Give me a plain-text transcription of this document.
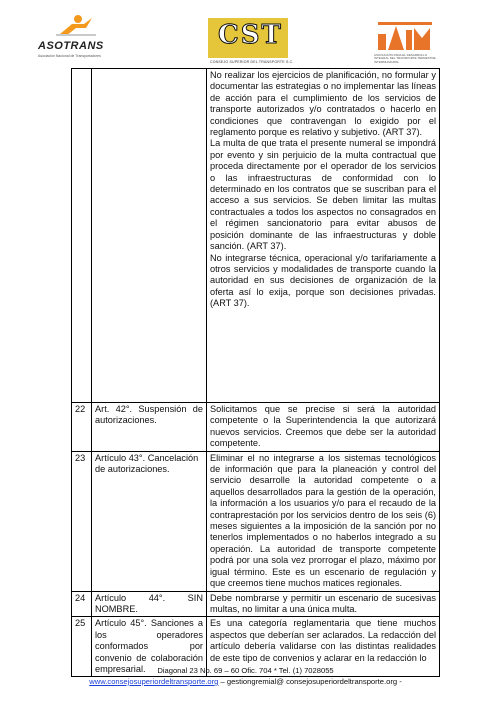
ASOTRANS
Asociación Nacional de Transportadores
CST
CONSEJO SUPERIOR DEL TRANSPORTE S.C.
ASOCIACIÓN PARA EL DESARROLLO INTEGRAL DEL TRANSPORTE TERRESTRE INTERMUNICIPAL

		No realizar los ejercicios de planificación, no formular y documentar las estrategias o no implementar las líneas de acción para el cumplimiento de los servicios de transporte autorizados y/o contratados o hacerlo en condiciones que contravengan lo exigido por el reglamento porque es relativo y subjetivo. (ART 37).

La multa de que trata el presente numeral se impondrá por evento y sin perjuicio de la multa contractual que proceda directamente por el operador de los servicios o las infraestructuras de conformidad con lo determinado en los contratos que se suscriban para el acceso a sus servicios. Se deben limitar las multas contractuales a todos los aspectos no consagrados en el régimen sancionatorio para evitar abusos de posición dominante de las infraestructuras y doble sanción. (ART 37).

No integrarse técnica, operacional y/o tarifariamente a otros servicios y modalidades de transporte cuando la autoridad en sus decisiones de organización de la oferta así lo exija, porque son decisiones privadas. (ART 37).

22	Art. 42°. Suspensión de autorizaciones.	Solicitamos que se precise si será la autoridad competente o la Superintendencia la que autorizará nuevos servicios. Creemos que debe ser la autoridad competente.
23	Artículo 43°. Cancelación de autorizaciones.	Eliminar el no integrarse a los sistemas tecnológicos de información que para la planeación y control del servicio desarrolle la autoridad competente o a aquellos desarrollados para la gestión de la operación, la información a los usuarios y/o para el recaudo de la contraprestación por los servicios dentro de los seis (6) meses siguientes a la imposición de la sanción por no tenerlos implementados o no haberlos integrado a su operación. La autoridad de transporte competente podrá por una sola vez prorrogar el plazo, máximo por igual término. Este es un escenario de regulación y que creemos tiene muchos matices regionales.
24	Artículo 44°. SIN NOMBRE.	Debe nombrarse y permitir un escenario de sucesivas multas, no limitar a una única multa.
25	Artículo 45°. Sanciones a los operadores conformados por convenio de colaboración empresarial.	Es una categoría reglamentaria que tiene muchos aspectos que deberían ser aclarados. La redacción del artículo debería validarse con las distintas realidades de este tipo de convenios y aclarar en la redacción lo
Diagonal 23 No. 69 – 60 Ofic. 704 * Tel. (1) 7028055
www.consejosuperiordeltransporte.org – gestiongremial@ consejosuperiordeltransporte.org -
